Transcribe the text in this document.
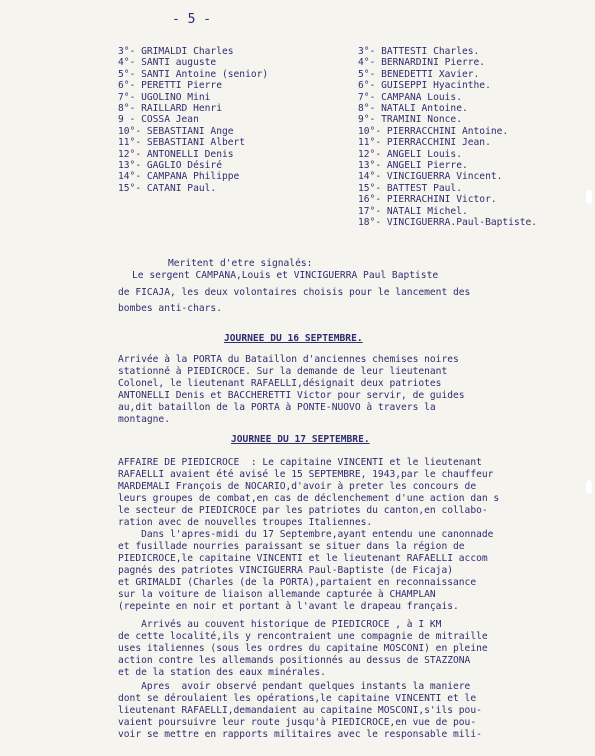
- 5 -
3°- GRIMALDI Charles
4°- SANTI auguste
5°- SANTI Antoine (senior)
6°- PERETTI Pierre
7°- UGOLINO Mini
8°- RAILLARD Henri
9 - COSSA Jean
10°- SEBASTIANI Ange
11°- SEBASTIANI Albert
12°- ANTONELLI Denis
13°- GAGLIO Désiré
14°- CAMPANA Philippe
15°- CATANI Paul.
3°- BATTESTI Charles.
4°- BERNARDINI Pierre.
5°- BENEDETTI Xavier.
6°- GUISEPPI Hyacinthe.
7°- CAMPANA Louis.
8°- NATALI Antoine.
9°- TRAMINI Nonce.
10°- PIERRACCHINI Antoine.
11°- PIERRACCHINI Jean.
12°- ANGELI Louis.
13°- ANGELI Pierre.
14°- VINCIGUERRA Vincent.
15°- BATTEST Paul.
16°- PIERRACHINI Victor.
17°- NATALI Michel.
18°- VINCIGUERRA.Paul-Baptiste.
Meritent d'etre signalés:
Le sergent CAMPANA,Louis et VINCIGUERRA Paul Baptiste
de FICAJA, les deux volontaires choisis pour le lancement des
bombes anti-chars.
JOURNEE DU 16 SEPTEMBRE.
Arrivée à la PORTA du Bataillon d'anciennes chemises noires
stationné à PIEDICROCE. Sur la demande de leur lieutenant
Colonel, le lieutenant RAFAELLI,désignait deux patriotes
ANTONELLI Denis et BACCHERETTI Victor pour servir, de guides
au,dit bataillon de la PORTA à PONTE-NUOVO à travers la
montagne.
JOURNEE DU 17 SEPTEMBRE.
AFFAIRE DE PIEDICROCE  : Le capitaine VINCENTI et le lieutenant
RAFAELLI avaient été avisé le 15 SEPTEMBRE, 1943,par le chauffeur
MARDEMALI François de NOCARIO,d'avoir à preter les concours de
leurs groupes de combat,en cas de déclenchement d'une action dan s
le secteur de PIEDICROCE par les patriotes du canton,en collabo-
ration avec de nouvelles troupes Italiennes.
Dans l'apres-midi du 17 Septembre,ayant entendu une canonnade
et fusillade nourries paraissant se situer dans la région de
PIEDICROCE,le capitaine VINCENTI et le lieutenant RAFAELLI accom
pagnés des patriotes VINCIGUERRA Paul-Baptiste (de Ficaja)
et GRIMALDI (Charles (de la PORTA),partaient en reconnaissance
sur la voiture de liaison allemande capturée à CHAMPLAN
(repeinte en noir et portant à l'avant le drapeau français.
Arrivés au couvent historique de PIEDICROCE , à I KM
de cette localité,ils y rencontraient une compagnie de mitraille
uses italiennes (sous les ordres du capitaine MOSCONI) en pleine
action contre les allemands positionnés au dessus de STAZZONA
et de la station des eaux minérales.
Apres  avoir observé pendant quelques instants la maniere
dont se déroulaient les opérations,le capitaine VINCENTI et le
lieutenant RAFAELLI,demandaient au capitaine MOSCONI,s'ils pou-
vaient poursuivre leur route jusqu'à PIEDICROCE,en vue de pou-
voir se mettre en rapports militaires avec le responsable mili-
